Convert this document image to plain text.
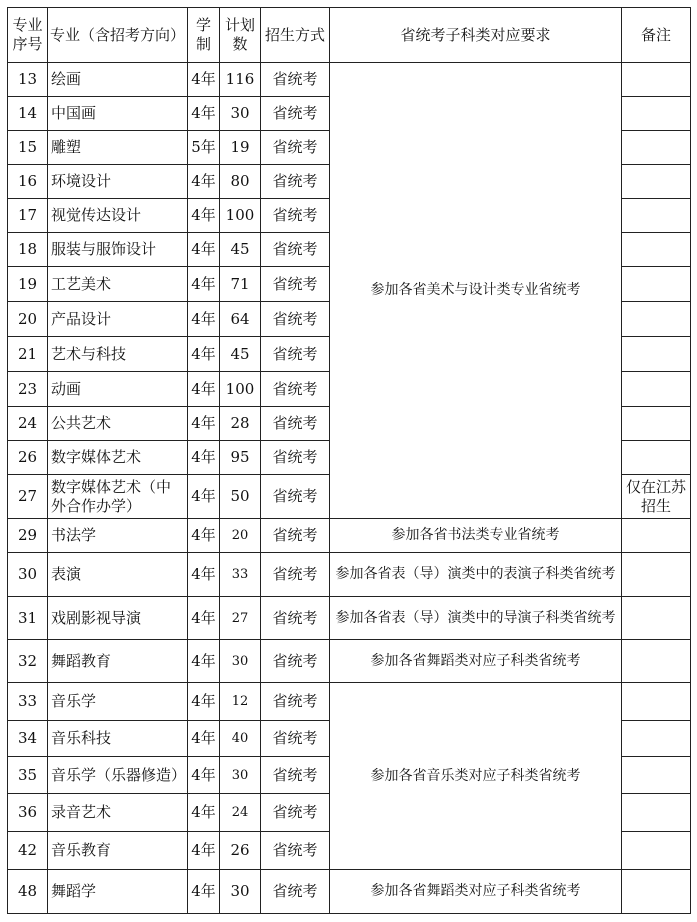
专业序号	专业（含招考方向）	学制	计划数	招生方式	省统考子科类对应要求	备注
13	绘画	4年	116	省统考	参加各省美术与设计类专业省统考	
14	中国画	4年	30	省统考		
15	雕塑	5年	19	省统考		
16	环境设计	4年	80	省统考		
17	视觉传达设计	4年	100	省统考		
18	服装与服饰设计	4年	45	省统考		
19	工艺美术	4年	71	省统考		
20	产品设计	4年	64	省统考		
21	艺术与科技	4年	45	省统考		
23	动画	4年	100	省统考		
24	公共艺术	4年	28	省统考		
26	数字媒体艺术	4年	95	省统考		
27	数字媒体艺术（中外合作办学）	4年	50	省统考		仅在江苏招生
29	书法学	4年	20	省统考	参加各省书法类专业省统考	
30	表演	4年	33	省统考	参加各省表（导）演类中的表演子科类省统考	
31	戏剧影视导演	4年	27	省统考	参加各省表（导）演类中的导演子科类省统考	
32	舞蹈教育	4年	30	省统考	参加各省舞蹈类对应子科类省统考	
33	音乐学	4年	12	省统考	参加各省音乐类对应子科类省统考	
34	音乐科技	4年	40	省统考		
35	音乐学（乐器修造）	4年	30	省统考		
36	录音艺术	4年	24	省统考		
42	音乐教育	4年	26	省统考		
48	舞蹈学	4年	30	省统考	参加各省舞蹈类对应子科类省统考	
